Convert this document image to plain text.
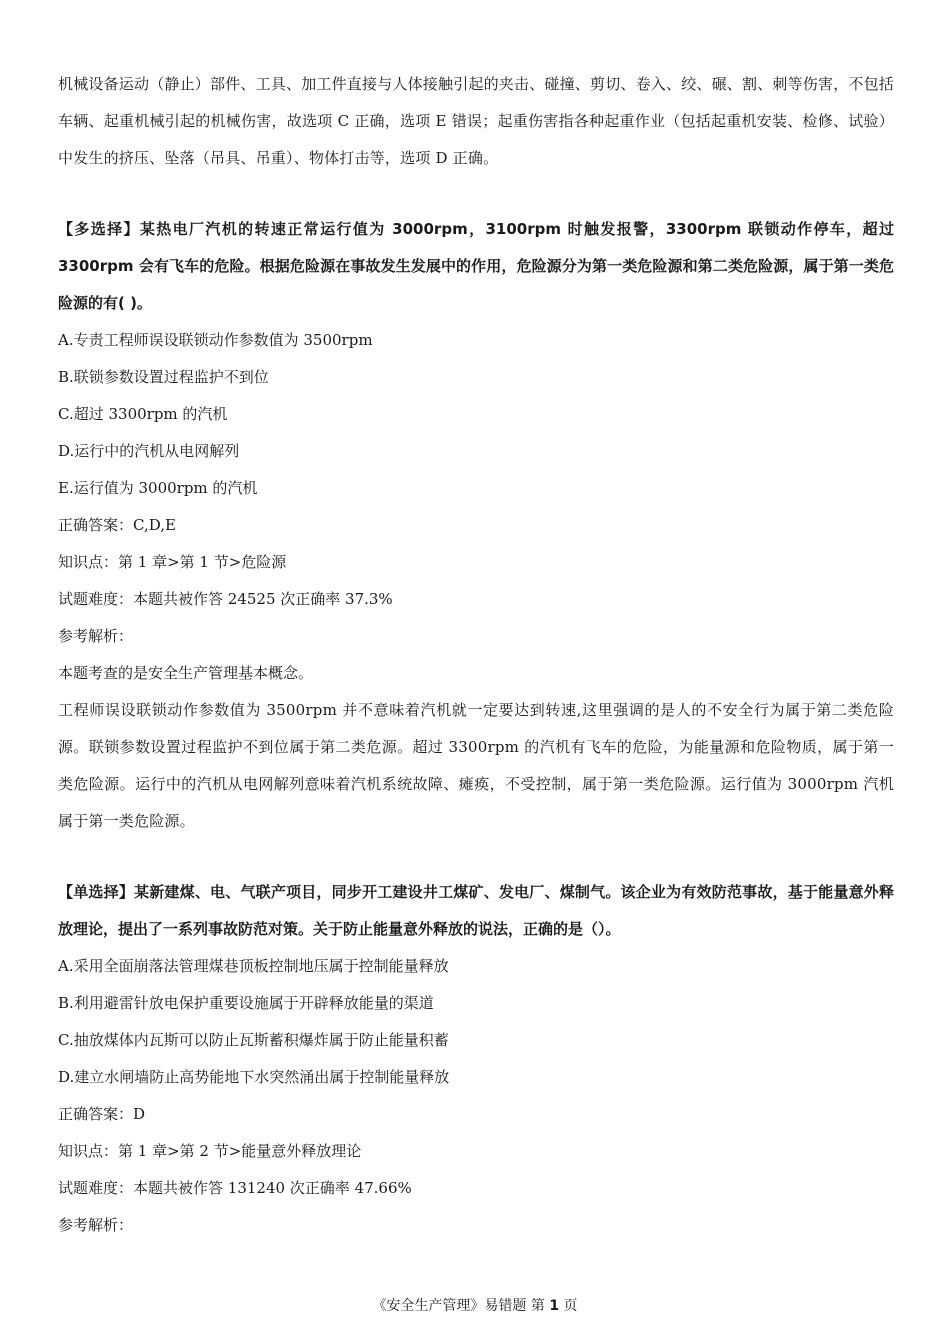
机械设备运动（静止）部件、工具、加工件直接与人体接触引起的夹击、碰撞、剪切、卷入、绞、碾、割、刺等伤害，不包括车辆、起重机械引起的机械伤害，故选项 C 正确，选项 E 错误；起重伤害指各种起重作业（包括起重机安装、检修、试验）中发生的挤压、坠落（吊具、吊重）、物体打击等，选项 D 正确。

【多选择】某热电厂汽机的转速正常运行值为 3000rpm，3100rpm 时触发报警，3300rpm 联锁动作停车，超过 3300rpm 会有飞车的危险。根据危险源在事故发生发展中的作用，危险源分为第一类危险源和第二类危险源，属于第一类危险源的有( )。

A.专责工程师误设联锁动作参数值为 3500rpm

B.联锁参数设置过程监护不到位

C.超过 3300rpm 的汽机

D.运行中的汽机从电网解列

E.运行值为 3000rpm 的汽机

正确答案：C,D,E

知识点：第 1 章>第 1 节>危险源

试题难度：本题共被作答 24525 次正确率 37.3%

参考解析：

本题考查的是安全生产管理基本概念。

工程师误设联锁动作参数值为 3500rpm 并不意味着汽机就一定要达到转速,这里强调的是人的不安全行为属于第二类危险源。联锁参数设置过程监护不到位属于第二类危源。超过 3300rpm 的汽机有飞车的危险，为能量源和危险物质，属于第一类危险源。运行中的汽机从电网解列意味着汽机系统故障、瘫痪，不受控制，属于第一类危险源。运行值为 3000rpm 汽机属于第一类危险源。

【单选择】某新建煤、电、气联产项目，同步开工建设井工煤矿、发电厂、煤制气。该企业为有效防范事故，基于能量意外释放理论，提出了一系列事故防范对策。关于防止能量意外释放的说法，正确的是（）。

A.采用全面崩落法管理煤巷顶板控制地压属于控制能量释放

B.利用避雷针放电保护重要设施属于开辟释放能量的渠道

C.抽放煤体内瓦斯可以防止瓦斯蓄积爆炸属于防止能量积蓄

D.建立水闸墙防止高势能地下水突然涌出属于控制能量释放

正确答案：D

知识点：第 1 章>第 2 节>能量意外释放理论

试题难度：本题共被作答 131240 次正确率 47.66%

参考解析：

《安全生产管理》易错题 第 1 页
